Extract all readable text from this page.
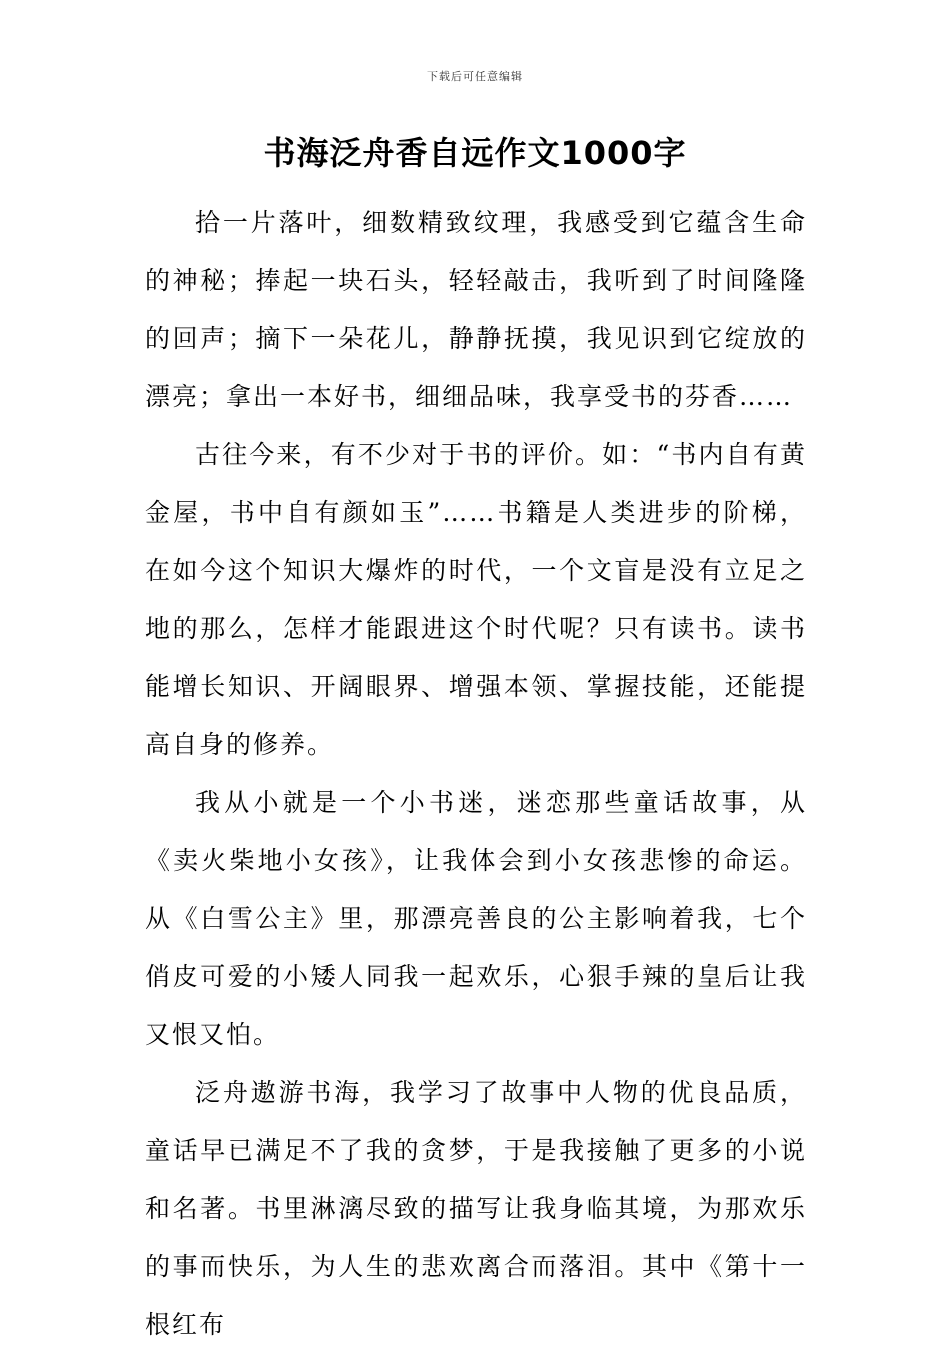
下载后可任意编辑
书海泛舟香自远作文1000字

拾一片落叶，细数精致纹理，我感受到它蕴含生命的神秘；捧起一块石头，轻轻敲击，我听到了时间隆隆的回声；摘下一朵花儿，静静抚摸，我见识到它绽放的漂亮；拿出一本好书，细细品味，我享受书的芬香……

古往今来，有不少对于书的评价。如：“书内自有黄金屋，书中自有颜如玉”……书籍是人类进步的阶梯，在如今这个知识大爆炸的时代，一个文盲是没有立足之地的那么，怎样才能跟进这个时代呢？只有读书。读书能增长知识、开阔眼界、增强本领、掌握技能，还能提高自身的修养。

我从小就是一个小书迷，迷恋那些童话故事，从《卖火柴地小女孩》，让我体会到小女孩悲惨的命运。从《白雪公主》里，那漂亮善良的公主影响着我，七个俏皮可爱的小矮人同我一起欢乐，心狠手辣的皇后让我又恨又怕。

泛舟遨游书海，我学习了故事中人物的优良品质，童话早已满足不了我的贪梦，于是我接触了更多的小说和名著。书里淋漓尽致的描写让我身临其境，为那欢乐的事而快乐，为人生的悲欢离合而落泪。其中《第十一根红布
